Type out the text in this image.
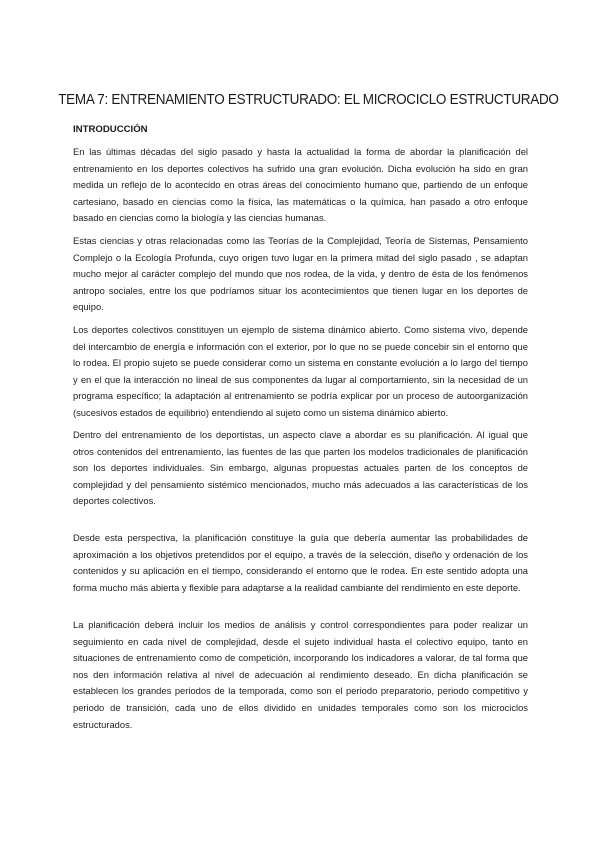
TEMA 7: ENTRENAMIENTO ESTRUCTURADO: EL MICROCICLO ESTRUCTURADO
INTRODUCCIÓN

En las últimas décadas del siglo pasado y hasta la actualidad la forma de abordar la planificación del entrenamiento en los deportes colectivos ha sufrido una gran evolución. Dicha evolución ha sido en gran medida un reflejo de lo acontecido en otras áreas del conocimiento humano que, partiendo de un enfoque cartesiano, basado en ciencias como la física, las matemáticas o la química, han pasado a otro enfoque basado en ciencias como la biología y las ciencias humanas.

Estas ciencias y otras relacionadas como las Teorías de la Complejidad, Teoría de Sistemas, Pensamiento Complejo o la Ecología Profunda, cuyo origen tuvo lugar en la primera mitad del siglo pasado , se adaptan mucho mejor al carácter complejo del mundo que nos rodea, de la vida, y dentro de ésta de los fenómenos antropo sociales, entre los que podríamos situar los acontecimientos que tienen lugar en los deportes de equipo.

Los deportes colectivos constituyen un ejemplo de sistema dinámico abierto. Como sistema vivo, depende del intercambio de energía e información con el exterior, por lo que no se puede concebir sin el entorno que lo rodea. El propio sujeto se puede considerar como un sistema en constante evolución a lo largo del tiempo y en el que la interacción no lineal de sus componentes da lugar al comportamiento, sin la necesidad de un programa específico; la adaptación al entrenamiento se podría explicar por un proceso de autoorganización (sucesivos estados de equilibrio) entendiendo al sujeto como un sistema dinámico abierto.

Dentro del entrenamiento de los deportistas, un aspecto clave a abordar es su planificación. Al igual que otros contenidos del entrenamiento, las fuentes de las que parten los modelos tradicionales de planificación son los deportes individuales. Sin embargo, algunas propuestas actuales parten de los conceptos de complejidad y del pensamiento sistémico mencionados, mucho más adecuados a las características de los deportes colectivos.

Desde esta perspectiva, la planificación constituye la guía que debería aumentar las probabilidades de aproximación a los objetivos pretendidos por el equipo, a través de la selección, diseño y ordenación de los contenidos y su aplicación en el tiempo, considerando el entorno que le rodea. En este sentido adopta una forma mucho más abierta y flexible para adaptarse a la realidad cambiante del rendimiento en este deporte.

La planificación deberá incluir los medios de análisis y control correspondientes para poder realizar un seguimiento en cada nivel de complejidad, desde el sujeto individual hasta el colectivo equipo, tanto en situaciones de entrenamiento como de competición, incorporando los indicadores a valorar, de tal forma que nos den información relativa al nivel de adecuación al rendimiento deseado. En dicha planificación se establecen los grandes periodos de la temporada, como son el periodo preparatorio, periodo competitivo y periodo de transición, cada uno de ellos dividido en unidades temporales como son los microciclos estructurados.
